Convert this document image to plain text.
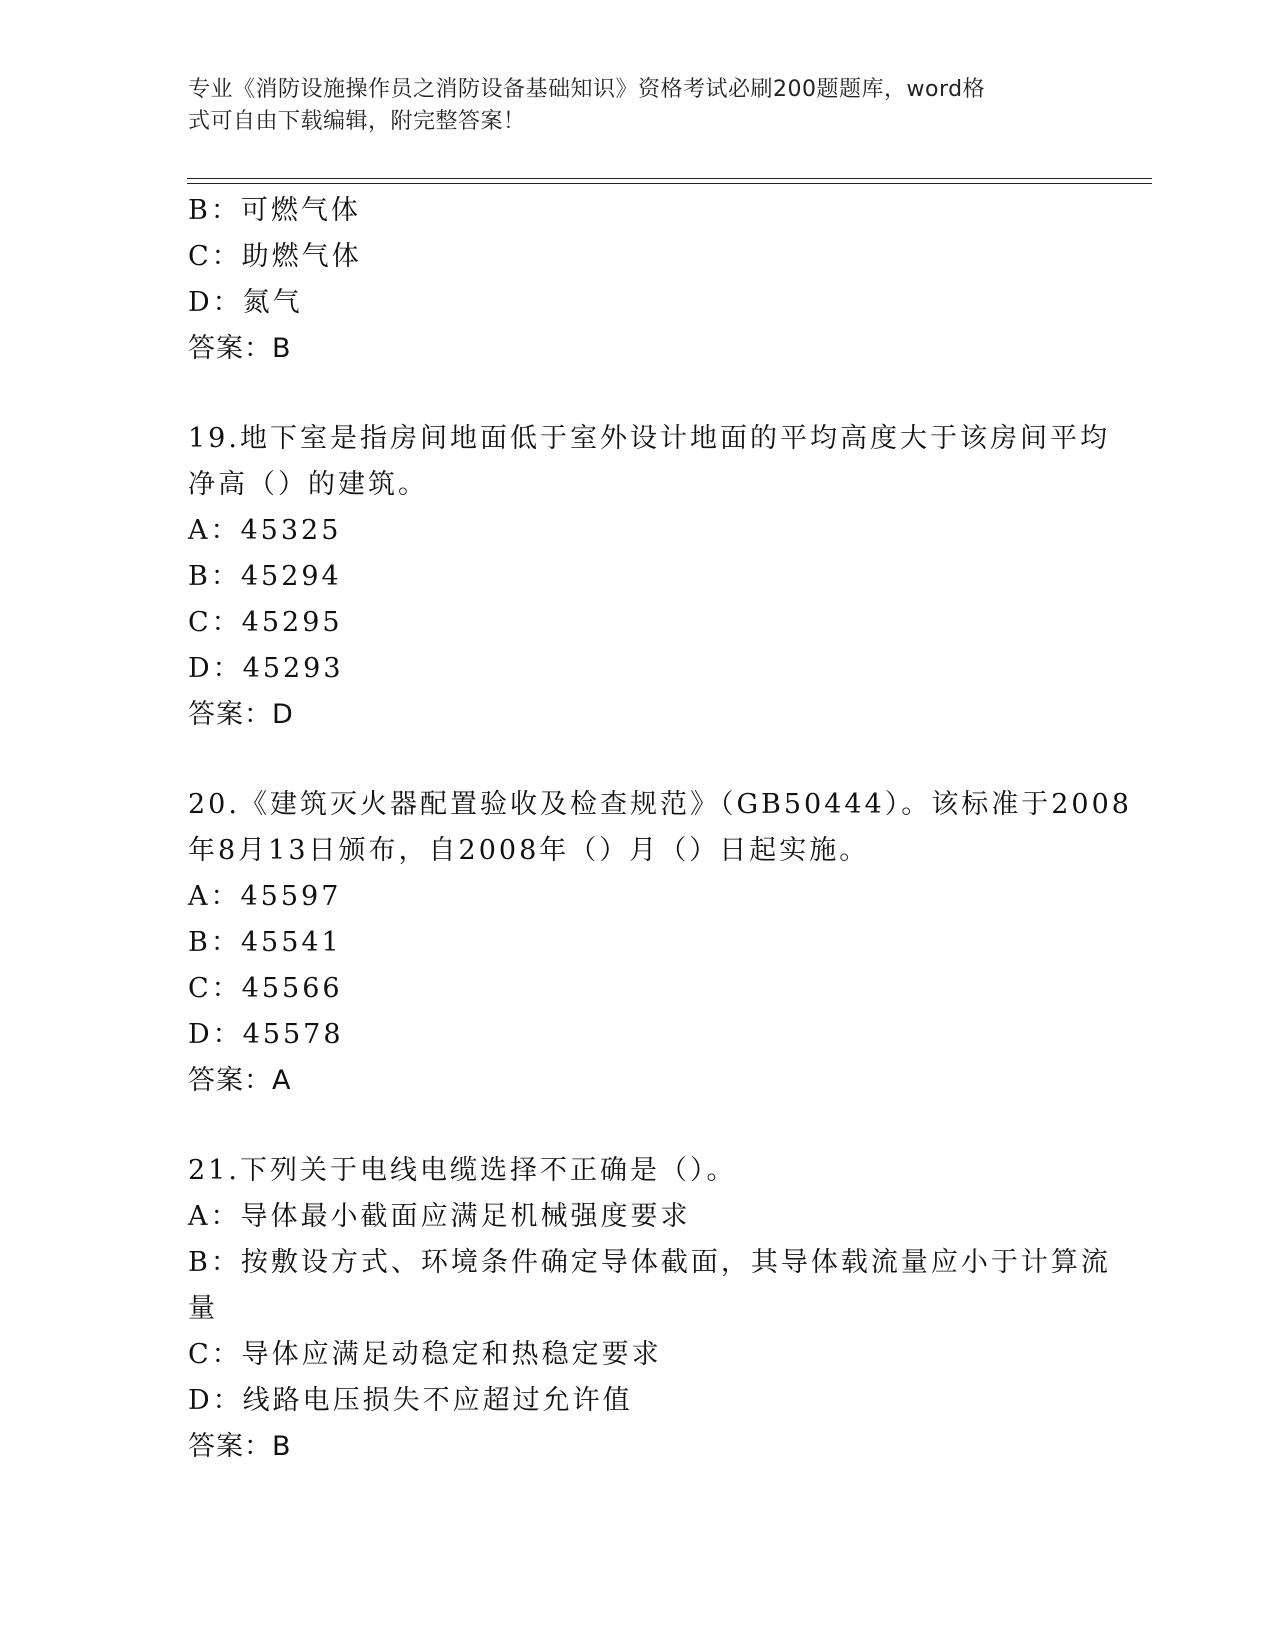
专业《消防设施操作员之消防设备基础知识》资格考试必刷200题题库，word格
式可自由下载编辑，附完整答案！

B：可燃气体

C：助燃气体

D：氮气

答案：B

19.地下室是指房间地面低于室外设计地面的平均高度大于该房间平均

净高（）的建筑。

A：45325

B：45294

C：45295

D：45293

答案：D

20.《建筑灭火器配置验收及检查规范》（GB50444）。该标准于2008

年8月13日颁布，自2008年（）月（）日起实施。

A：45597

B：45541

C：45566

D：45578

答案：A

21.下列关于电线电缆选择不正确是（）。

A：导体最小截面应满足机械强度要求

B：按敷设方式、环境条件确定导体截面，其导体载流量应小于计算流

量

C：导体应满足动稳定和热稳定要求

D：线路电压损失不应超过允许值

答案：B
